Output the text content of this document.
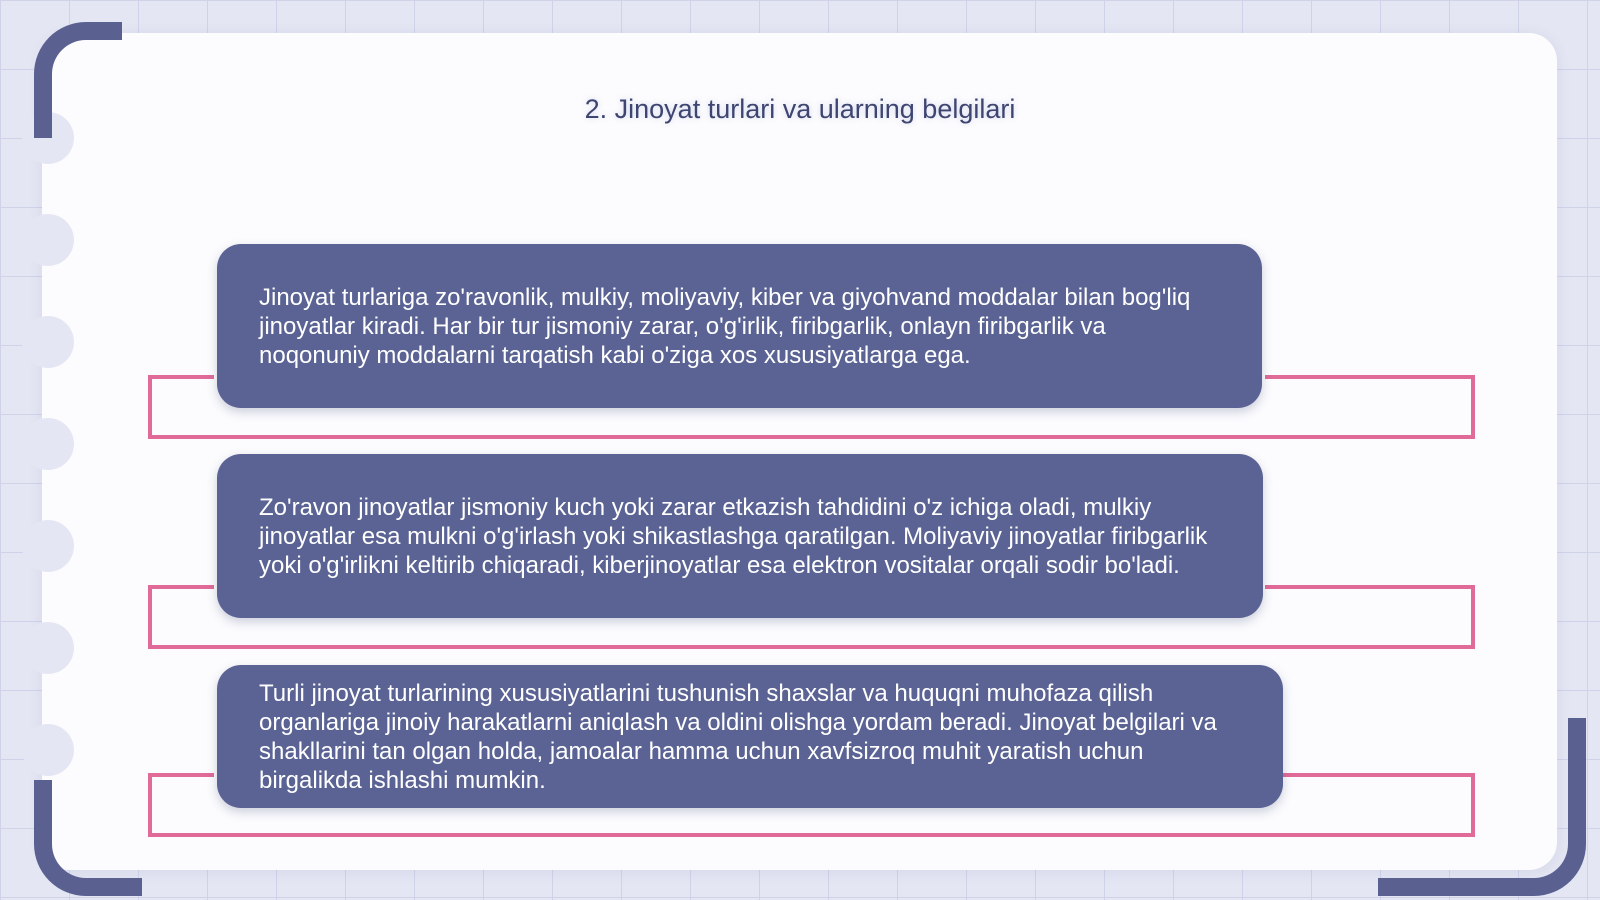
2. Jinoyat turlari va ularning belgilari

Jinoyat turlariga zo'ravonlik, mulkiy, moliyaviy, kiber va giyohvand moddalar bilan bog'liq jinoyatlar kiradi. Har bir tur jismoniy zarar, o'g'irlik, firibgarlik, onlayn firibgarlik va noqonuniy moddalarni tarqatish kabi o'ziga xos xususiyatlarga ega.

Zo'ravon jinoyatlar jismoniy kuch yoki zarar etkazish tahdidini o'z ichiga oladi, mulkiy jinoyatlar esa mulkni o'g'irlash yoki shikastlashga qaratilgan. Moliyaviy jinoyatlar firibgarlik yoki o'g'irlikni keltirib chiqaradi, kiberjinoyatlar esa elektron vositalar orqali sodir bo'ladi.

Turli jinoyat turlarining xususiyatlarini tushunish shaxslar va huquqni muhofaza qilish organlariga jinoiy harakatlarni aniqlash va oldini olishga yordam beradi. Jinoyat belgilari va shakllarini tan olgan holda, jamoalar hamma uchun xavfsizroq muhit yaratish uchun birgalikda ishlashi mumkin.
